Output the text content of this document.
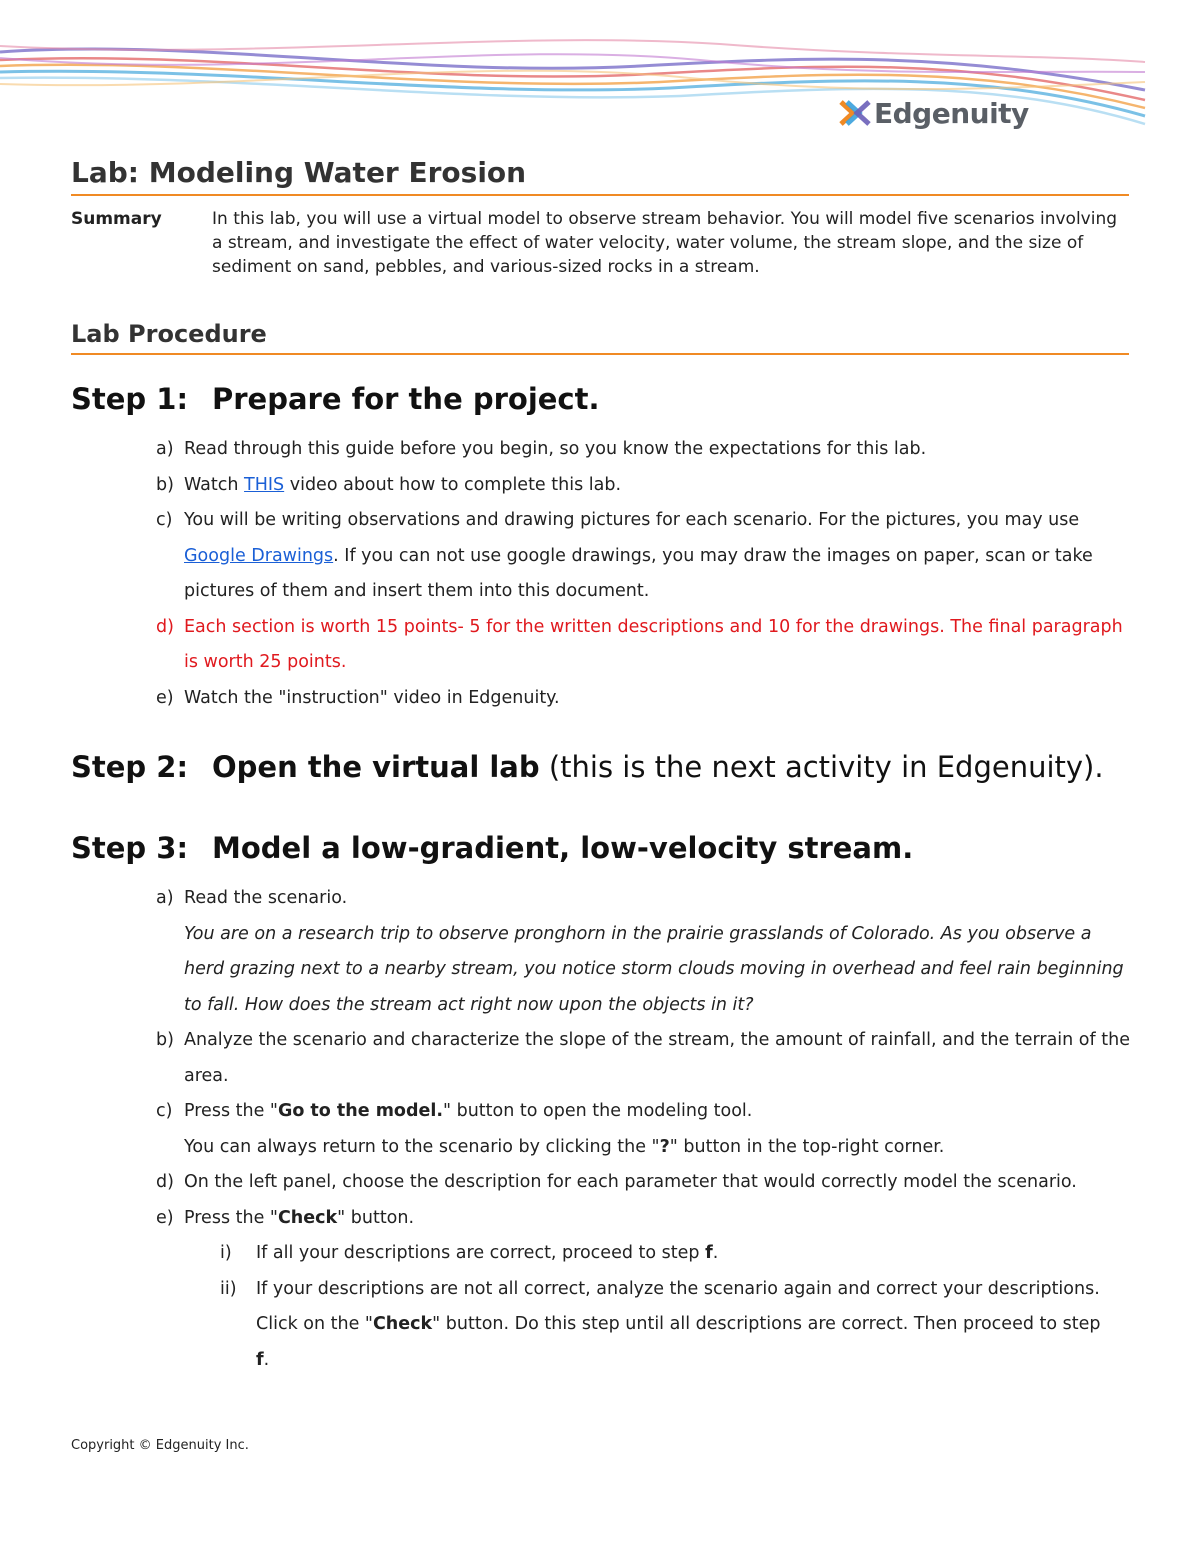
Edgenuity
Lab: Modeling Water Erosion
Summary	In this lab, you will use a virtual model to observe stream behavior. You will model five scenarios involving a stream, and investigate the effect of water velocity, water volume, the stream slope, and the size of sediment on sand, pebbles, and various-sized rocks in a stream.

Lab Procedure
Step 1: Prepare for the project.
a) Read through this guide before you begin, so you know the expectations for this lab.
b) Watch THIS video about how to complete this lab.
c) You will be writing observations and drawing pictures for each scenario. For the pictures, you may use Google Drawings. If you can not use google drawings, you may draw the images on paper, scan or take pictures of them and insert them into this document.
d) Each section is worth 15 points- 5 for the written descriptions and 10 for the drawings. The final paragraph is worth 25 points.
e) Watch the "instruction" video in Edgenuity.
Step 2: Open the virtual lab (this is the next activity in Edgenuity).
Step 3: Model a low-gradient, low-velocity stream.
a) Read the scenario.
You are on a research trip to observe pronghorn in the prairie grasslands of Colorado. As you observe a herd grazing next to a nearby stream, you notice storm clouds moving in overhead and feel rain beginning to fall. How does the stream act right now upon the objects in it?
b) Analyze the scenario and characterize the slope of the stream, the amount of rainfall, and the terrain of the area.
c) Press the "Go to the model." button to open the modeling tool.
You can always return to the scenario by clicking the "?" button in the top-right corner.
d) On the left panel, choose the description for each parameter that would correctly model the scenario.
e) Press the "Check" button.
i)	If all your descriptions are correct, proceed to step f.
ii)	If your descriptions are not all correct, analyze the scenario again and correct your descriptions. Click on the "Check" button. Do this step until all descriptions are correct. Then proceed to step f.
Copyright © Edgenuity Inc.
